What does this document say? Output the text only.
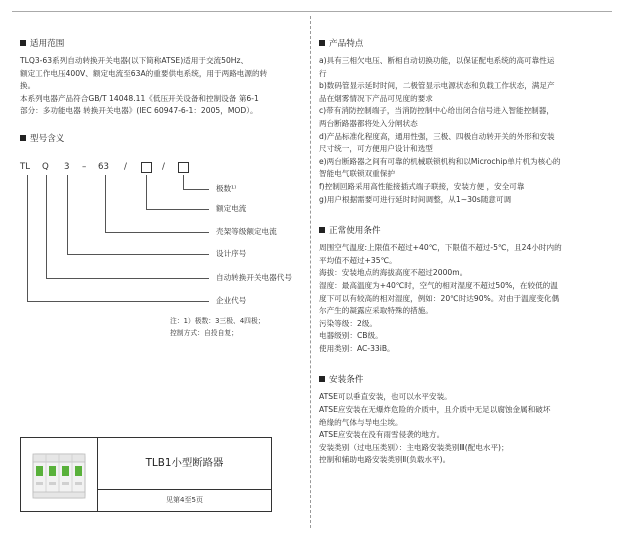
适用范围

TLQ3-63系列自动转换开关电器(以下简称ATSE)适用于交流50Hz、

额定工作电压400V、额定电流至63A的重要供电系统，用于两路电源的转

换。

本系列电器产品符合GB/T 14048.11《低压开关设备和控制设备 第6-1

部分：多功能电器 转换开关电器》(IEC 60947-6-1：2005，MOD）。

型号含义
TL Q 3 – 63 /	/
极数¹⁾
额定电流
壳架等级额定电流
设计序号
自动转换开关电器代号
企业代号
注：1）极数：3三极、4四极；
控制方式：自投自复；
TLB1小型断路器
见第4至5页
产品特点

a)具有三相欠电压、断相自动切换功能，以保证配电系统的高可靠性运

行

b)数码管显示延时时间，二极管显示电源状态和负载工作状态，满足产

品在烟雾情况下产品可见度的要求

c)带有消防控制端子，当消防控制中心给出闭合信号进入智能控制器，

两台断路器都将处入分闸状态

d)产品标准化程度高，通用性强，三极、四极自动转开关的外形和安装

尺寸统一，可方便用户设计和选型

e)两台断路器之间有可靠的机械联锁机构和以Microchip单片机为核心的

智能电气联锁双重保护

f)控制回路采用高性能接插式端子联接，安装方便 ，安全可靠

g)用户根据需要可进行延时时间调整，从1~30s随意可调

正常使用条件

周围空气温度:上限值不超过+40℃，下限值不超过-5℃，且24小时内的

平均值不超过+35℃。

海拔：安装地点的海拔高度不超过2000m。

湿度：最高温度为+40℃时，空气的相对湿度不超过50%，在较低的温

度下可以有较高的相对湿度，例如：20℃时达90%。对由于温度变化偶

尔产生的凝露应采取特殊的措施。

污染等级：2级。

电器级别：CB级。

使用类别：AC-33iB。

安装条件

ATSE可以垂直安装，也可以水平安装。

ATSE应安装在无爆炸危险的介质中，且介质中无足以腐蚀金属和破坏

绝缘的气体与导电尘埃。

ATSE应安装在没有雨雪侵袭的地方。

安装类别（过电压类别）：主电路安装类别Ⅲ(配电水平)；

控制和辅助电路安装类别Ⅱ(负载水平)。
